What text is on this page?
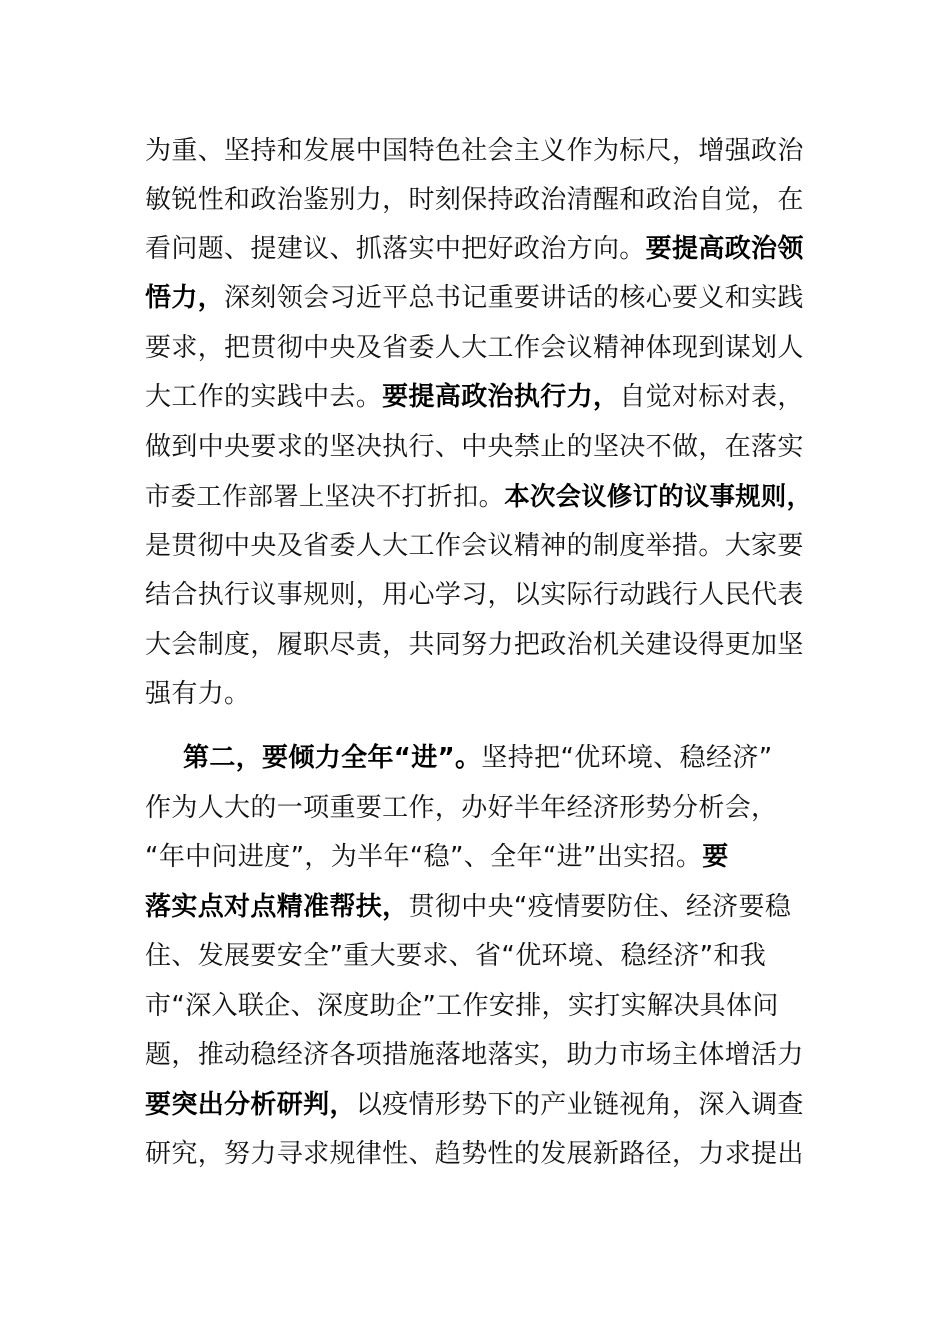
为重、坚持和发展中国特色社会主义作为标尺，增强政治
敏锐性和政治鉴别力，时刻保持政治清醒和政治自觉，在
看问题、提建议、抓落实中把好政治方向。要提高政治领
悟力，深刻领会习近平总书记重要讲话的核心要义和实践
要求，把贯彻中央及省委人大工作会议精神体现到谋划人
大工作的实践中去。要提高政治执行力，自觉对标对表，
做到中央要求的坚决执行、中央禁止的坚决不做，在落实
市委工作部署上坚决不打折扣。本次会议修订的议事规则，
是贯彻中央及省委人大工作会议精神的制度举措。大家要
结合执行议事规则，用心学习，以实际行动践行人民代表
大会制度，履职尽责，共同努力把政治机关建设得更加坚
强有力。
第二，要倾力全年“进”。坚持把“优环境、稳经济”
作为人大的一项重要工作，办好半年经济形势分析会，
“年中问进度”，为半年“稳”、全年“进”出实招。要
落实点对点精准帮扶，贯彻中央“疫情要防住、经济要稳
住、发展要安全”重大要求、省“优环境、稳经济”和我
市“深入联企、深度助企”工作安排，实打实解决具体问
题，推动稳经济各项措施落地落实，助力市场主体增活力
要突出分析研判，以疫情形势下的产业链视角，深入调查
研究，努力寻求规律性、趋势性的发展新路径，力求提出
